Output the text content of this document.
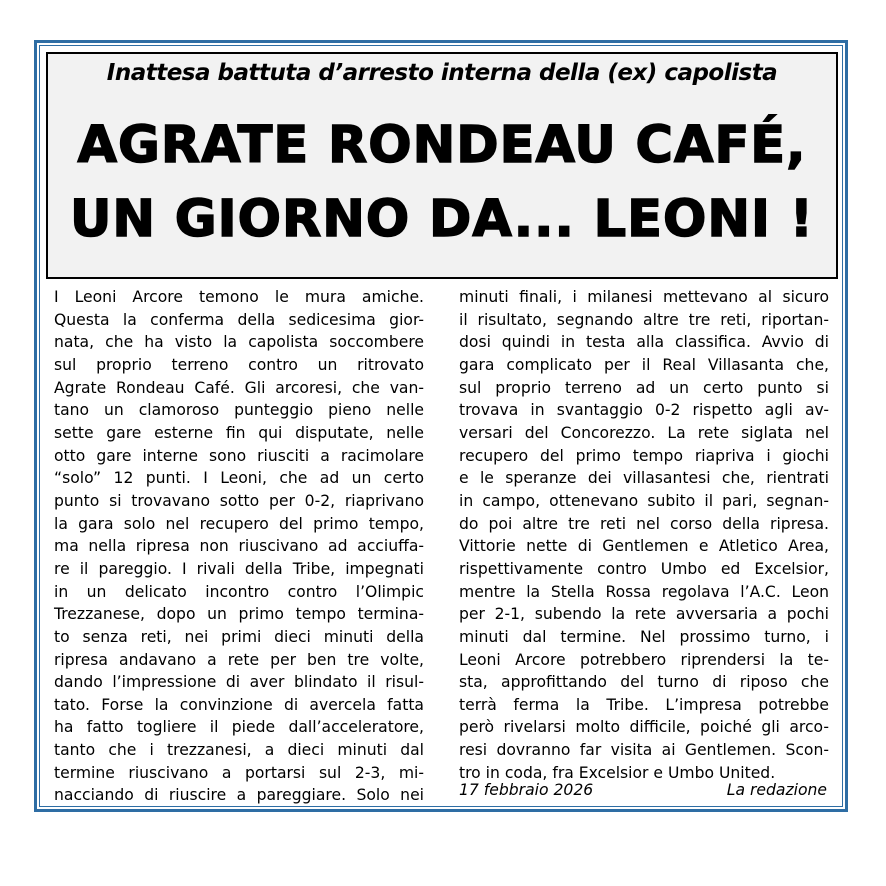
Inattesa battuta d’arresto interna della (ex) capolista
AGRATE RONDEAU CAFÉ,
UN GIORNO DA... LEONI !
I Leoni Arcore temono le mura amiche.
Questa la conferma della sedicesima gior-
nata, che ha visto la capolista soccombere
sul proprio terreno contro un ritrovato
Agrate Rondeau Café. Gli arcoresi, che van-
tano un clamoroso punteggio pieno nelle
sette gare esterne fin qui disputate, nelle
otto gare interne sono riusciti a racimolare
“solo” 12 punti. I Leoni, che ad un certo
punto si trovavano sotto per 0-2, riaprivano
la gara solo nel recupero del primo tempo,
ma nella ripresa non riuscivano ad acciuffa-
re il pareggio. I rivali della Tribe, impegnati
in un delicato incontro contro l’Olimpic
Trezzanese, dopo un primo tempo termina-
to senza reti, nei primi dieci minuti della
ripresa andavano a rete per ben tre volte,
dando l’impressione di aver blindato il risul-
tato. Forse la convinzione di avercela fatta
ha fatto togliere il piede dall’acceleratore,
tanto che i trezzanesi, a dieci minuti dal
termine riuscivano a portarsi sul 2-3, mi-
nacciando di riuscire a pareggiare. Solo nei
minuti finali, i milanesi mettevano al sicuro
il risultato, segnando altre tre reti, riportan-
dosi quindi in testa alla classifica. Avvio di
gara complicato per il Real Villasanta che,
sul proprio terreno ad un certo punto si
trovava in svantaggio 0-2 rispetto agli av-
versari del Concorezzo. La rete siglata nel
recupero del primo tempo riapriva i giochi
e le speranze dei villasantesi che, rientrati
in campo, ottenevano subito il pari, segnan-
do poi altre tre reti nel corso della ripresa.
Vittorie nette di Gentlemen e Atletico Area,
rispettivamente contro Umbo ed Excelsior,
mentre la Stella Rossa regolava l’A.C. Leon
per 2-1, subendo la rete avversaria a pochi
minuti dal termine. Nel prossimo turno, i
Leoni Arcore potrebbero riprendersi la te-
sta, approfittando del turno di riposo che
terrà ferma la Tribe. L’impresa potrebbe
però rivelarsi molto difficile, poiché gli arco-
resi dovranno far visita ai Gentlemen. Scon-
tro in coda, fra Excelsior e Umbo United.
17 febbraio 2026	La redazione
